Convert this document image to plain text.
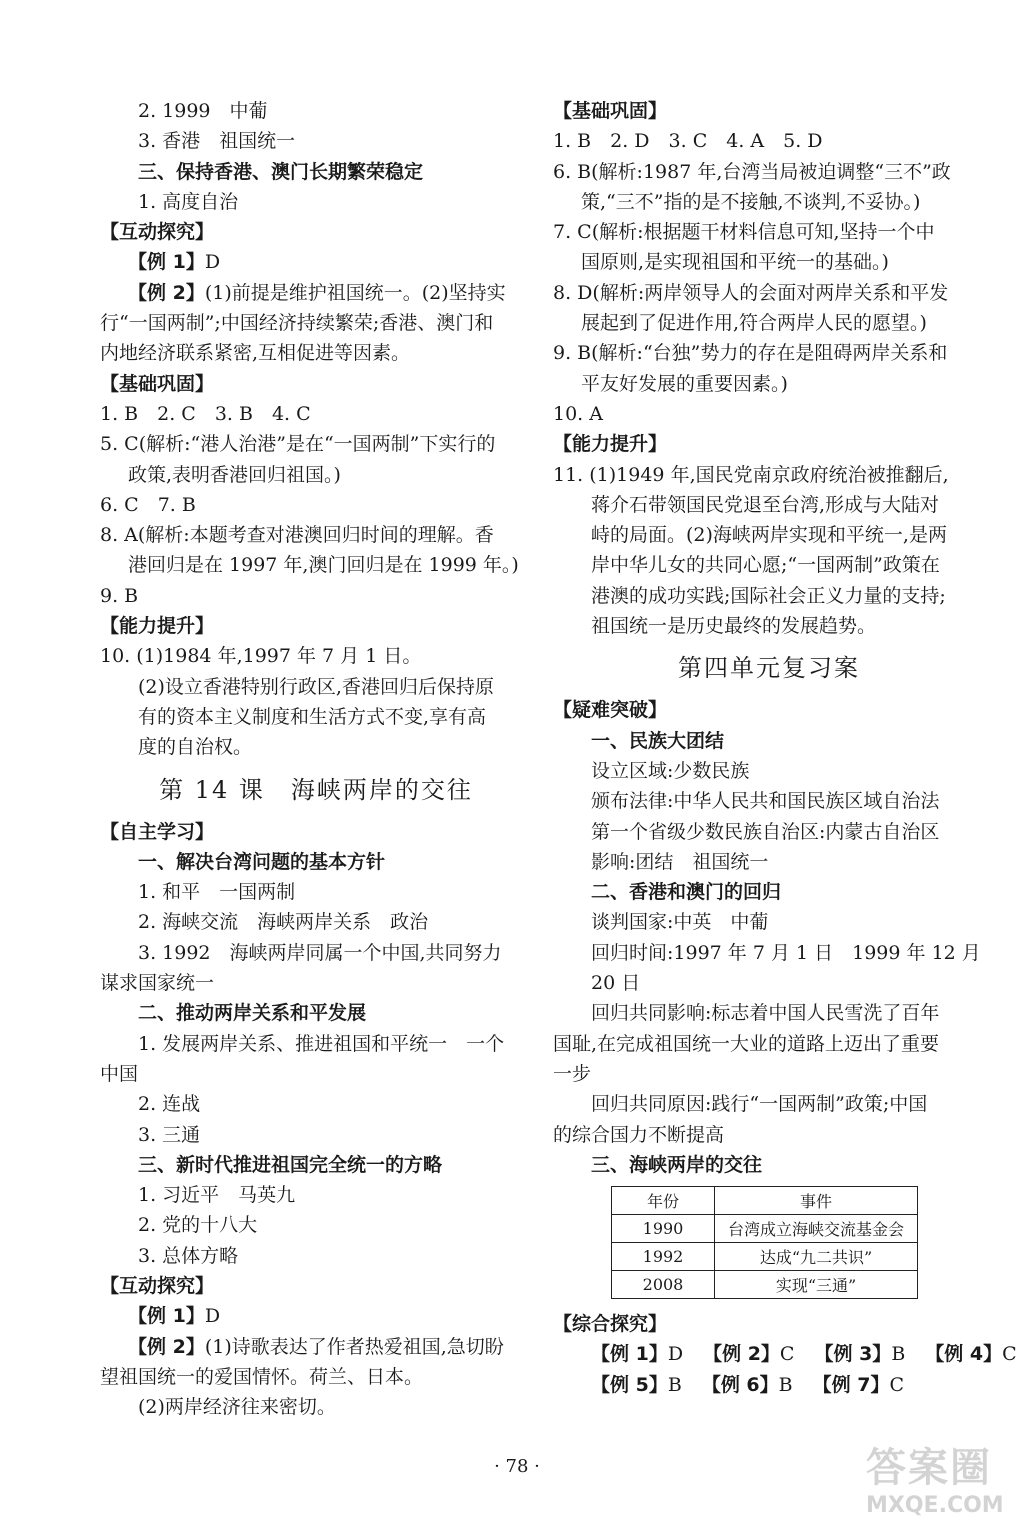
2. 1999　中葡
3. 香港　祖国统一
三、保持香港、澳门长期繁荣稳定
1. 高度自治
【互动探究】
【例 1】D
【例 2】(1)前提是维护祖国统一。(2)坚持实
行“一国两制”;中国经济持续繁荣;香港、澳门和
内地经济联系紧密,互相促进等因素。
【基础巩固】
1. B　2. C　3. B　4. C
5. C(解析:“港人治港”是在“一国两制”下实行的
政策,表明香港回归祖国。)
6. C　7. B
8. A(解析:本题考查对港澳回归时间的理解。香
港回归是在 1997 年,澳门回归是在 1999 年。)
9. B
【能力提升】
10. (1)1984 年,1997 年 7 月 1 日。
(2)设立香港特别行政区,香港回归后保持原
有的资本主义制度和生活方式不变,享有高
度的自治权。
第 14 课　海峡两岸的交往
【自主学习】
一、解决台湾问题的基本方针
1. 和平　一国两制
2. 海峡交流　海峡两岸关系　政治
3. 1992　海峡两岸同属一个中国,共同努力
谋求国家统一
二、推动两岸关系和平发展
1. 发展两岸关系、推进祖国和平统一　一个
中国
2. 连战
3. 三通
三、新时代推进祖国完全统一的方略
1. 习近平　马英九
2. 党的十八大
3. 总体方略
【互动探究】
【例 1】D
【例 2】(1)诗歌表达了作者热爱祖国,急切盼
望祖国统一的爱国情怀。荷兰、日本。
(2)两岸经济往来密切。
【基础巩固】
1. B　2. D　3. C　4. A　5. D
6. B(解析:1987 年,台湾当局被迫调整“三不”政
策,“三不”指的是不接触,不谈判,不妥协。)
7. C(解析:根据题干材料信息可知,坚持一个中
国原则,是实现祖国和平统一的基础。)
8. D(解析:两岸领导人的会面对两岸关系和平发
展起到了促进作用,符合两岸人民的愿望。)
9. B(解析:“台独”势力的存在是阻碍两岸关系和
平友好发展的重要因素。)
10. A
【能力提升】
11. (1)1949 年,国民党南京政府统治被推翻后,
蒋介石带领国民党退至台湾,形成与大陆对
峙的局面。(2)海峡两岸实现和平统一,是两
岸中华儿女的共同心愿;“一国两制”政策在
港澳的成功实践;国际社会正义力量的支持;
祖国统一是历史最终的发展趋势。
第四单元复习案
【疑难突破】
一、民族大团结
设立区域:少数民族
颁布法律:中华人民共和国民族区域自治法
第一个省级少数民族自治区:内蒙古自治区
影响:团结　祖国统一
二、香港和澳门的回归
谈判国家:中英　中葡
回归时间:1997 年 7 月 1 日　1999 年 12 月
20 日
回归共同影响:标志着中国人民雪洗了百年
国耻,在完成祖国统一大业的道路上迈出了重要
一步
回归共同原因:践行“一国两制”政策;中国
的综合国力不断提高
三、海峡两岸的交往
年份	事件
1990	台湾成立海峡交流基金会
1992	达成“九二共识”
2008	实现“三通”
【综合探究】
【例 1】D 【例 2】C 【例 3】B 【例 4】C
【例 5】B 【例 6】B 【例 7】C
· 78 ·	答案圈
MXQE.COM
